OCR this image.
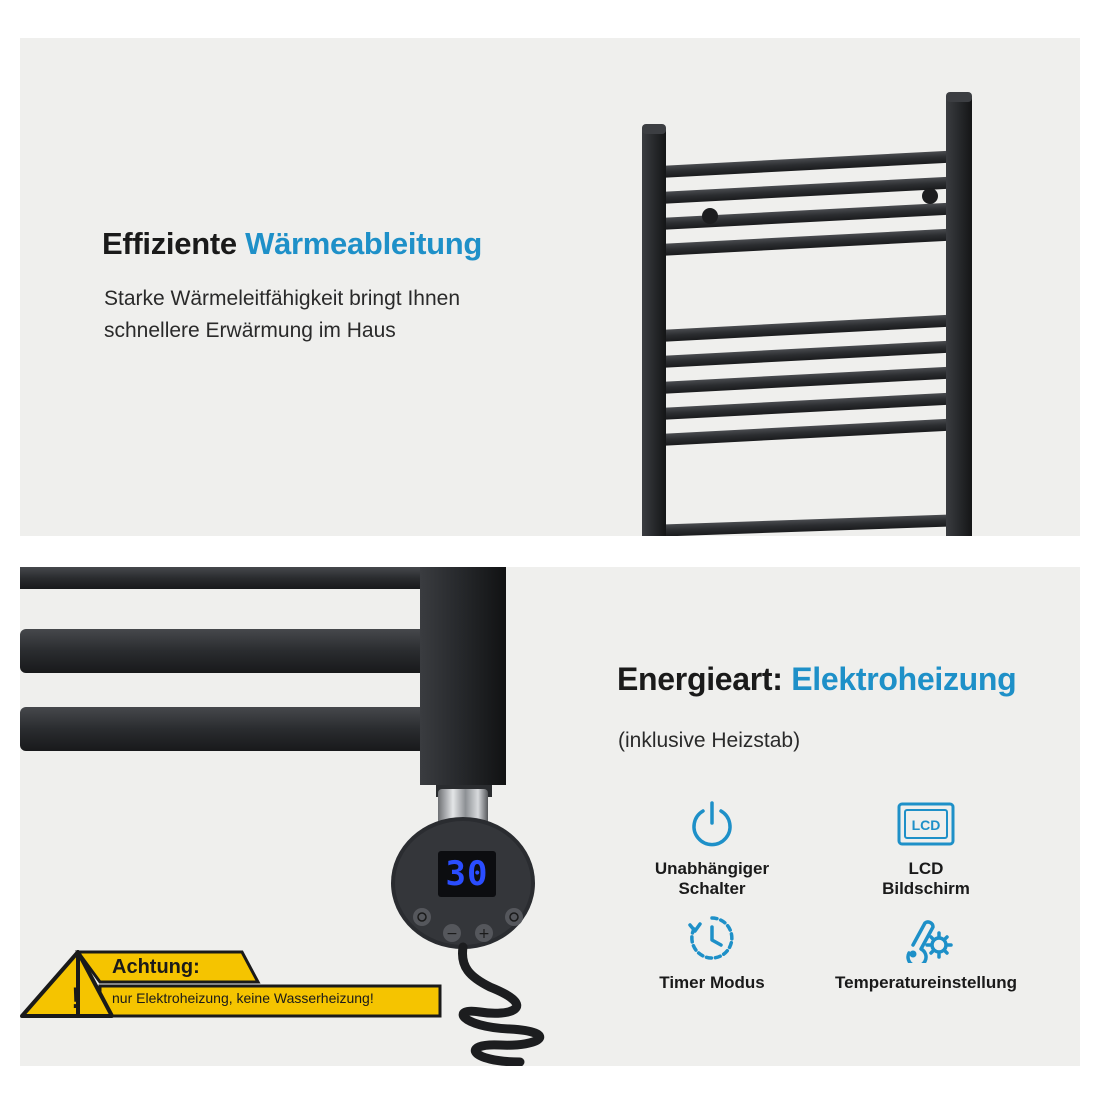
Effiziente Wärmeableitung
Starke Wärmeleitfähigkeit bringt Ihnen
schnellere Erwärmung im Haus
− +
30
Energieart: Elektroheizung
(inklusive Heizstab)
Unabhängiger
Schalter
LCD
LCD
Bildschirm
Timer Modus	Temperatureinstellung
!
Achtung:
nur Elektroheizung, keine Wasserheizung!
